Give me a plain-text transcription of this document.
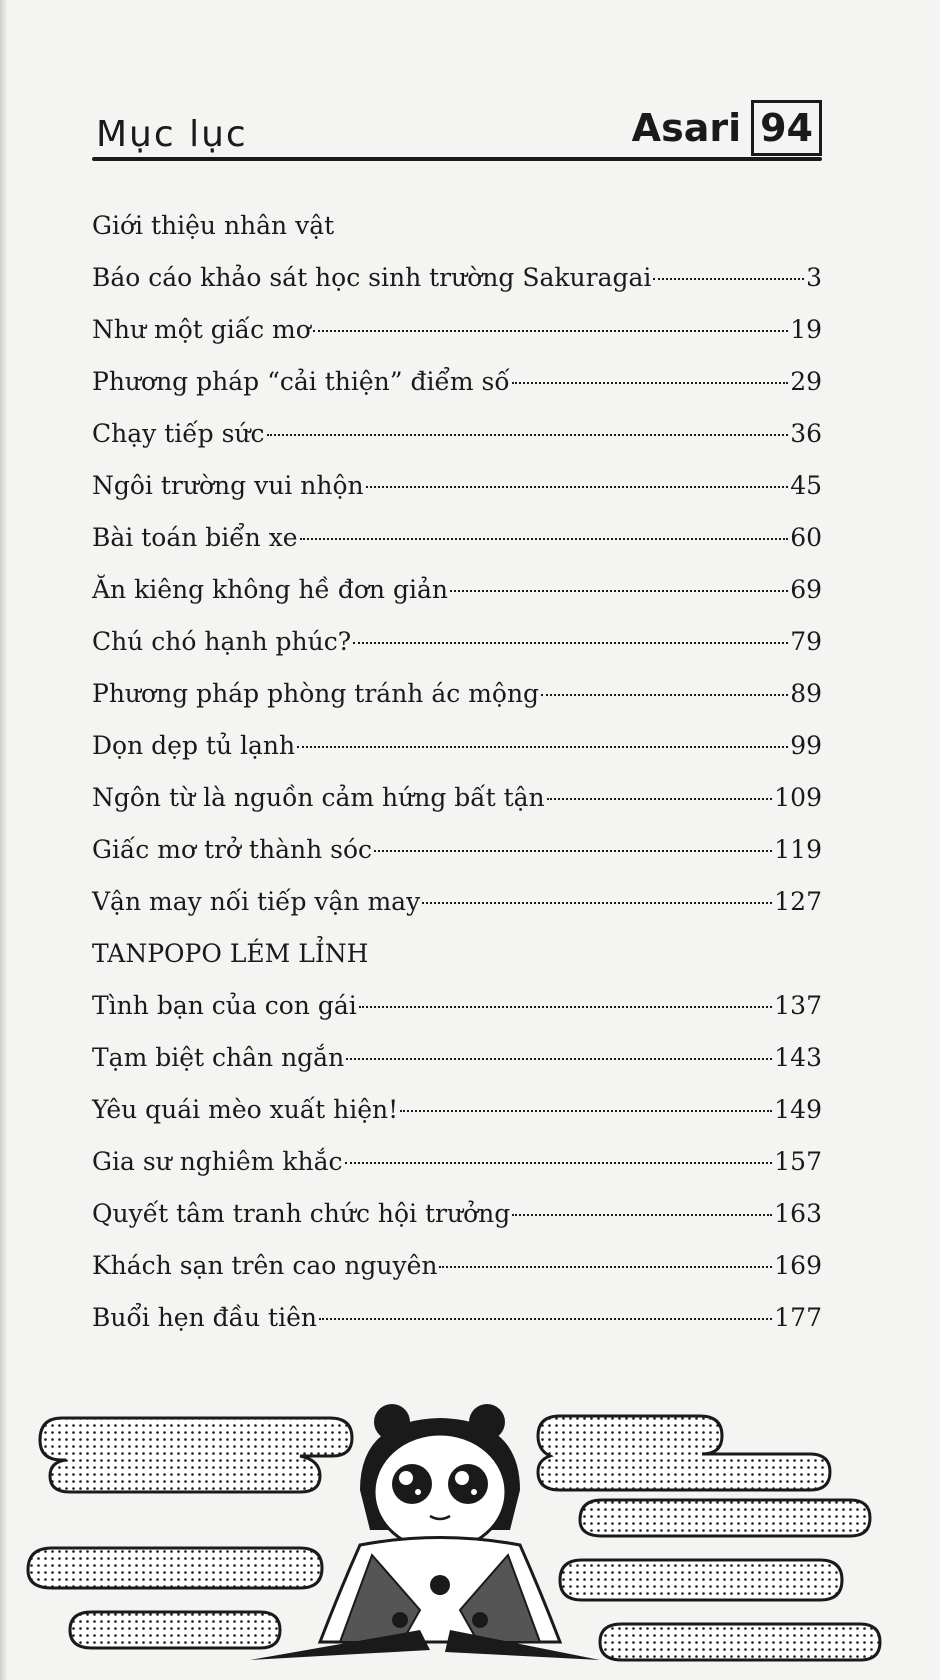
Mục lục	Asari 94
Giới thiệu nhân vật
Báo cáo khảo sát học sinh trường Sakuragai	3
Như một giấc mơ	19
Phương pháp “cải thiện” điểm số	29
Chạy tiếp sức	36
Ngôi trường vui nhộn	45
Bài toán biển xe	60
Ăn kiêng không hề đơn giản	69
Chú chó hạnh phúc?	79
Phương pháp phòng tránh ác mộng	89
Dọn dẹp tủ lạnh	99
Ngôn từ là nguồn cảm hứng bất tận	109
Giấc mơ trở thành sóc	119
Vận may nối tiếp vận may	127
TANPOPO LÉM LỈNH
Tình bạn của con gái	137
Tạm biệt chân ngắn	143
Yêu quái mèo xuất hiện!	149
Gia sư nghiêm khắc	157
Quyết tâm tranh chức hội trưởng	163
Khách sạn trên cao nguyên	169
Buổi hẹn đầu tiên	177
